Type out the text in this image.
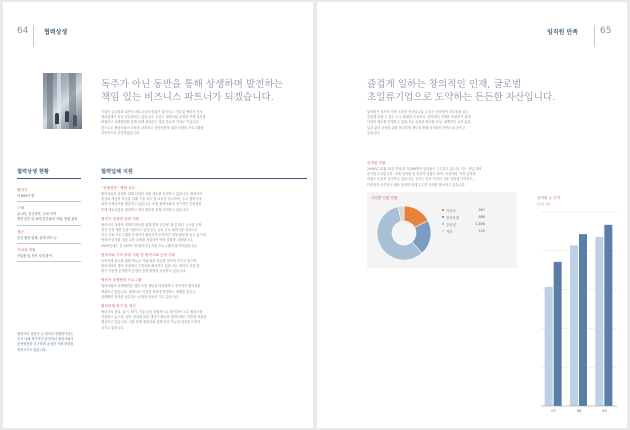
64	협력상생
독주가 아닌 동반을 통해 상생하며 발전하는
책임 있는 비즈니스 파트너가 되겠습니다.
기업이 글로벌화 되면서 파트너들의 범위가 넓어지고 기업 및 협력사 간의
협력관계가 더욱 중요해지고 있습니다. 우리는 협력사와 공정한 거래 질서를
확립하고 상생협력을 통해 함께 성장하는 것을 중요한 가치로 여깁니다.
앞으로도 협력사와의 소통을 강화하고 동반성장을 위한 다양한 프로그램을
지속적으로 추진하겠습니다.
협력상생 현황
협력사
약 600여 명
구매
유니티, 중국지역, 국내 지역
생산 본부 및 판매 본부와의 지원, 통합 관리
제공
신규 협력 업체, 관계 회사 등
가치관 정립
사업장 및 지역 사회 참여
협력사의 성장이 곧 회사의 경쟁력이라는
인식 아래 장기적인 관점에서 협력사와의
동반성장을 추구하며 공정한 거래 문화를
정착시키고 있습니다.
협력업체 지원
“상생경영” 체제 실천
협력사와의 상생을 위해 다양한 지원 제도를 운영하고 있습니다. 협력사의
품질과 생산성 향상을 위해 기술 지도 및 교육을 실시하며, 우수 협력사에
대한 인센티브를 제공하고 있습니다. 또한 협력사와의 정기적인 간담회를
통해 애로사항을 청취하고 개선 방안을 함께 모색하고 있습니다.
협력사 경쟁력 강화 지원
협력사의 자생적 경쟁력 확보를 위해 경영 컨설팅, 품질 관리 시스템 구축,
생산 공정 개선 등을 지원하고 있습니다. 특히 중소 협력사를 대상으로
자금 지원 프로그램을 운영하여 협력사의 안정적인 경영 활동을 돕고 있으며,
협력사 임직원 대상 교육 과정을 개설하여 역량 강화를 지원합니다.
2009년에는 총 120여 개 협력사가 지원 프로그램에 참여하였습니다.
협력사와 가치 창출 지원 및 협력사와 공정 거래
공정거래 준수를 위해 하도급 거래 관련 법규를 철저히 지키고 있으며,
협력사와의 계약 과정에서 투명성을 확보하고 있습니다. 협력사 선정 및
평가 기준을 공개하여 공정한 경쟁 환경을 조성하고 있습니다.
협력사 상생협력 프로그램
협력사와의 상생협력을 위한 소통 채널을 다양화하고 정기적인 협의회를
개최하고 있습니다. 협력사의 의견을 경영에 반영하는 체계를 갖추고,
상생협력 성과를 공유하는 문화를 만들어 가고 있습니다.
협력업체 평가 및 개선
협력사의 품질, 납기, 원가, 기술 등을 종합적으로 평가하여 우수 협력사를
선정하고 있으며, 평가 결과에 따라 개선이 필요한 협력사에는 맞춤형 지원을
제공하고 있습니다. 이를 통해 협력사와 함께 지속 가능한 성장을 이루어
나가고 있습니다.
임직원 만족 65
즐겁게 일하는 창의적인 인재, 글로벌
초일류기업으로 도약하는 든든한 자산입니다.
임직원은 회사의 가장 소중한 자산입니다. 우리는 임직원이 자부심을 갖고
즐겁게 일할 수 있는 근무 환경을 조성하고, 창의적인 인재를 육성하기 위해
다양한 제도를 운영하고 있습니다. 공정한 평가와 보상, 체계적인 교육 훈련,
일과 삶의 균형을 위한 복리후생 제도를 통해 임직원의 만족도를 높이고
있습니다.
임직원 현황
2009년 12월 31일 현재 총 3,269명의 임직원이 근무하고 있으며, 이는 전년 대비
증가한 수치입니다. 전체 임직원 중 정규직 비율은 97% 이상이며, 여성 임직원
비율도 꾸준히 증가하고 있습니다. 우리는 지역 사회의 고용 창출에 기여하고,
다양성을 존중하는 채용 문화를 통해 우수한 인재를 확보하고 있습니다.
사업별 인원 현황
자동차	567
전자부품	686
중공업	1,896
기타	120
임직원 수 추이
(단위: 명)
07	08	09
